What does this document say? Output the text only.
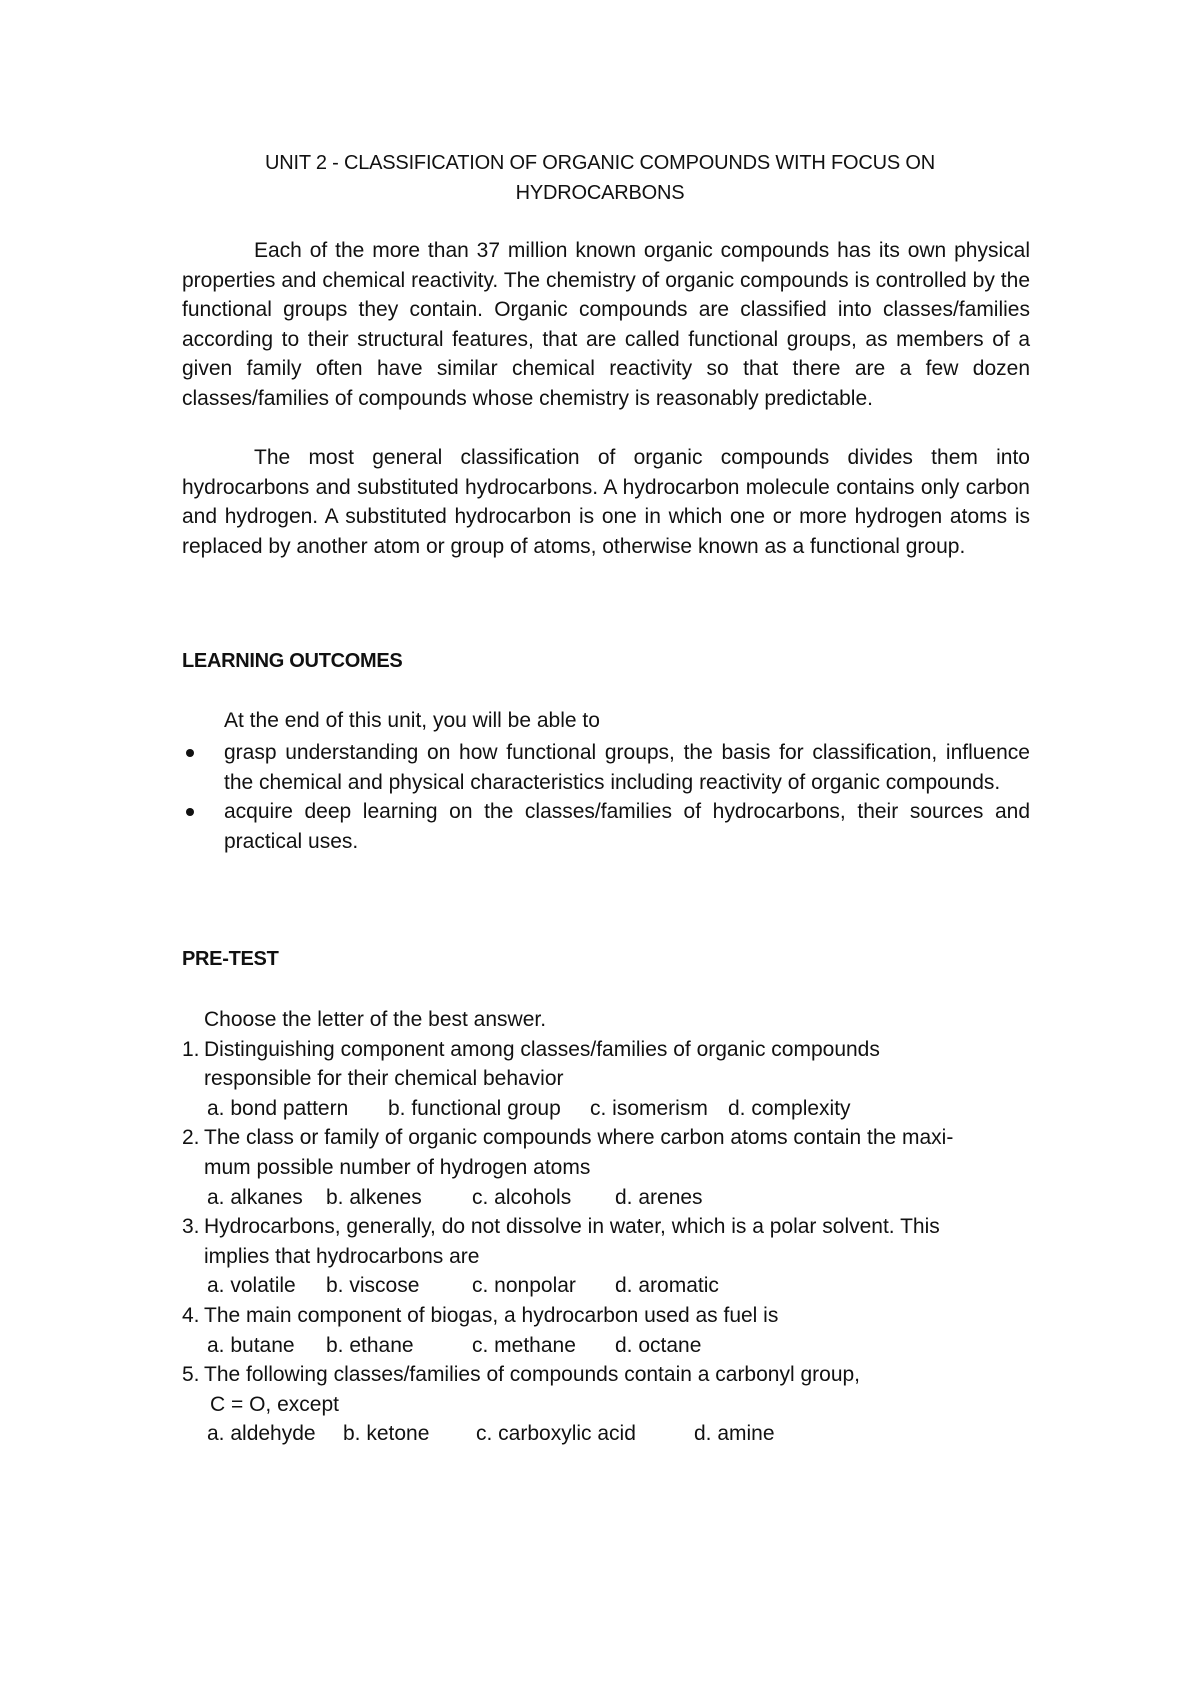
UNIT 2 - CLASSIFICATION OF ORGANIC COMPOUNDS WITH FOCUS ON
HYDROCARBONS

Each of the more than 37 million known organic compounds has its own physical properties and chemical reactivity. The chemistry of organic compounds is controlled by the functional groups they contain. Organic compounds are classified into classes/families according to their structural features, that are called functional groups, as members of a given family often have similar chemical reactivity so that there are a few dozen classes/families of compounds whose chemistry is reasonably predictable.

The most general classification of organic compounds divides them into hydrocarbons and substituted hydrocarbons. A hydrocarbon molecule contains only carbon and hydrogen. A substituted hydrocarbon is one in which one or more hydrogen atoms is replaced by another atom or group of atoms, otherwise known as a functional group.

LEARNING OUTCOMES

At the end of this unit, you will be able to

grasp understanding on how functional groups, the basis for classification, influence the chemical and physical characteristics including reactivity of organic compounds.
acquire deep learning on the classes/families of hydrocarbons, their sources and practical uses.

PRE-TEST

Choose the letter of the best answer.
1. Distinguishing component among classes/families of organic compounds
responsible for their chemical behavior
a. bond pattern	b. functional group	c. isomerism d. complexity
2. The class or family of organic compounds where carbon atoms contain the maxi-
mum possible number of hydrogen atoms
a. alkanes	b. alkenes	c. alcohols	d. arenes
3. Hydrocarbons, generally, do not dissolve in water, which is a polar solvent. This
implies that hydrocarbons are
a. volatile	b. viscose	c. nonpolar	d. aromatic
4. The main component of biogas, a hydrocarbon used as fuel is
a. butane	b. ethane	c. methane	d. octane
5. The following classes/families of compounds contain a carbonyl group,
C = O, except
a. aldehyde	b. ketone	c. carboxylic acid	d. amine
